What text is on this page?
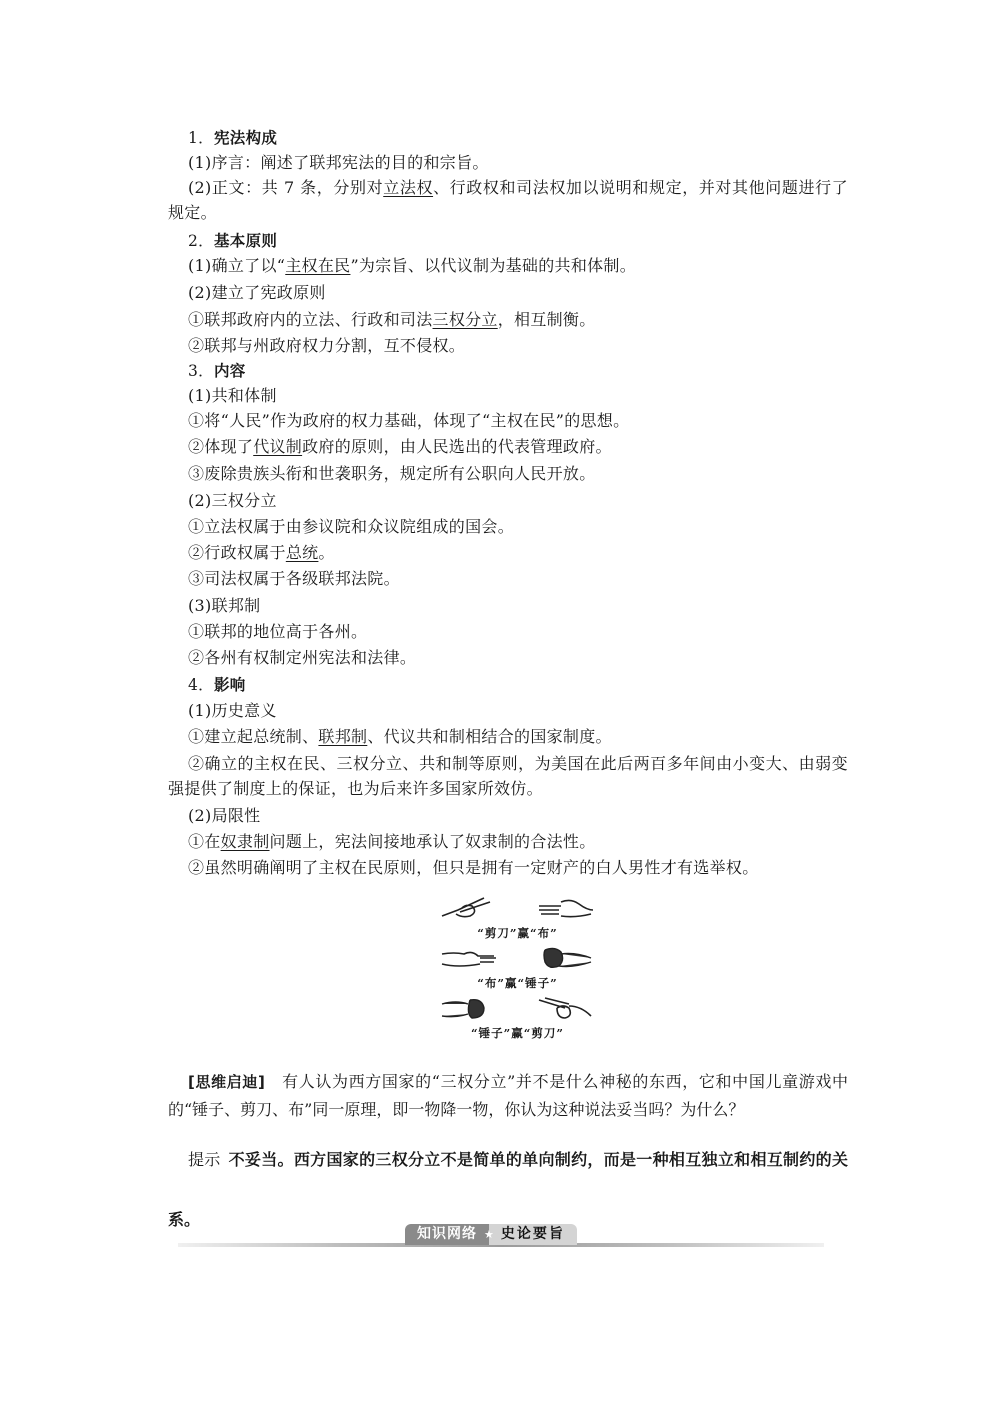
1．宪法构成
(1)序言：阐述了联邦宪法的目的和宗旨。
(2)正文：共 7 条，分别对立法权、行政权和司法权加以说明和规定，并对其他问题进行了规定。
2．基本原则
(1)确立了以“主权在民”为宗旨、以代议制为基础的共和体制。
(2)建立了宪政原则
①联邦政府内的立法、行政和司法三权分立，相互制衡。
②联邦与州政府权力分割，互不侵权。
3．内容
(1)共和体制
①将“人民”作为政府的权力基础，体现了“主权在民”的思想。
②体现了代议制政府的原则，由人民选出的代表管理政府。
③废除贵族头衔和世袭职务，规定所有公职向人民开放。
(2)三权分立
①立法权属于由参议院和众议院组成的国会。
②行政权属于总统。
③司法权属于各级联邦法院。
(3)联邦制
①联邦的地位高于各州。
②各州有权制定州宪法和法律。
4．影响
(1)历史意义
①建立起总统制、联邦制、代议共和制相结合的国家制度。
②确立的主权在民、三权分立、共和制等原则，为美国在此后两百多年间由小变大、由弱变强提供了制度上的保证，也为后来许多国家所效仿。
(2)局限性
①在奴隶制问题上，宪法间接地承认了奴隶制的合法性。
②虽然明确阐明了主权在民原则，但只是拥有一定财产的白人男性才有选举权。
“剪刀”赢“布”
“布”赢“锤子”
“锤子”赢“剪刀”
[思维启迪] 有人认为西方国家的“三权分立”并不是什么神秘的东西，它和中国儿童游戏中的“锤子、剪刀、布”同一原理，即一物降一物，你认为这种说法妥当吗？为什么？
提示 不妥当。西方国家的三权分立不是简单的单向制约，而是一种相互独立和相互制约的关系。
知识网络 ★ 史论要旨
